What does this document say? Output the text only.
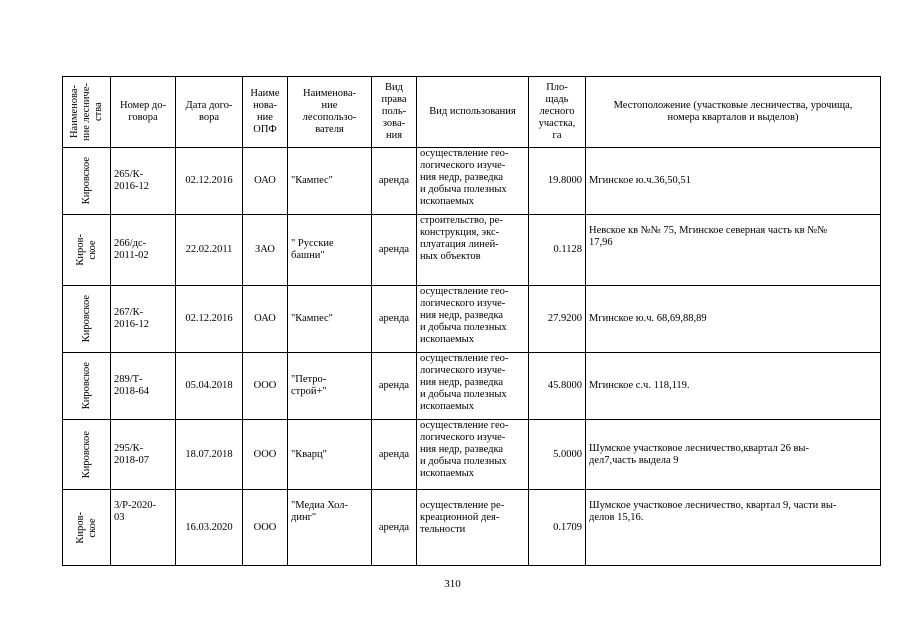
Наименова-
ние лесниче-
ства	Номер до-
говора	Дата дого-
вора	Наиме
нова-
ние
ОПФ	Наименова-
ние
лесопользо-
вателя	Вид
права
поль-
зова-
ния	Вид использования	Пло-
щадь
лесного
участка,
га	Местоположение (участковые лесничества, урочища,
номера кварталов и выделов)

Кировское	265/К-
2016-12	02.12.2016	ОАО	"Кампес"	аренда	осуществление гео-
логического изуче-
ния недр, разведка
и добыча полезных
ископаемых	19.8000	Мгинское ю.ч.36,50,51

Киров-
ское	266/дс-
2011-02	22.02.2011	ЗАО	" Русские
башни"	аренда	строительство, ре-
конструкция, экс-
плуатация линей-
ных объектов	0.1128	Невское кв №№ 75, Мгинское северная часть кв №№
17,96

Кировское	267/К-
2016-12	02.12.2016	ОАО	"Кампес"	аренда	осуществление гео-
логического изуче-
ния недр, разведка
и добыча полезных
ископаемых	27.9200	Мгинское ю.ч. 68,69,88,89

Кировское	289/Т-
2018-64	05.04.2018	ООО	"Петро-
строй+"	аренда	осуществление гео-
логического изуче-
ния недр, разведка
и добыча полезных
ископаемых	45.8000	Мгинское с.ч. 118,119.

Кировское	295/К-
2018-07	18.07.2018	ООО	"Кварц"	аренда	осуществление гео-
логического изуче-
ния недр, разведка
и добыча полезных
ископаемых	5.0000	Шумское участковое лесничество,квартал 26 вы-
дел7,часть выдела 9

Киров-
ское	3/Р-2020-
03	16.03.2020	ООО	"Медиа Хол-
динг"	аренда	осуществление ре-
креационной дея-
тельности	0.1709	Шумское участковое лесничество, квартал 9, части вы-
делов 15,16.
310
